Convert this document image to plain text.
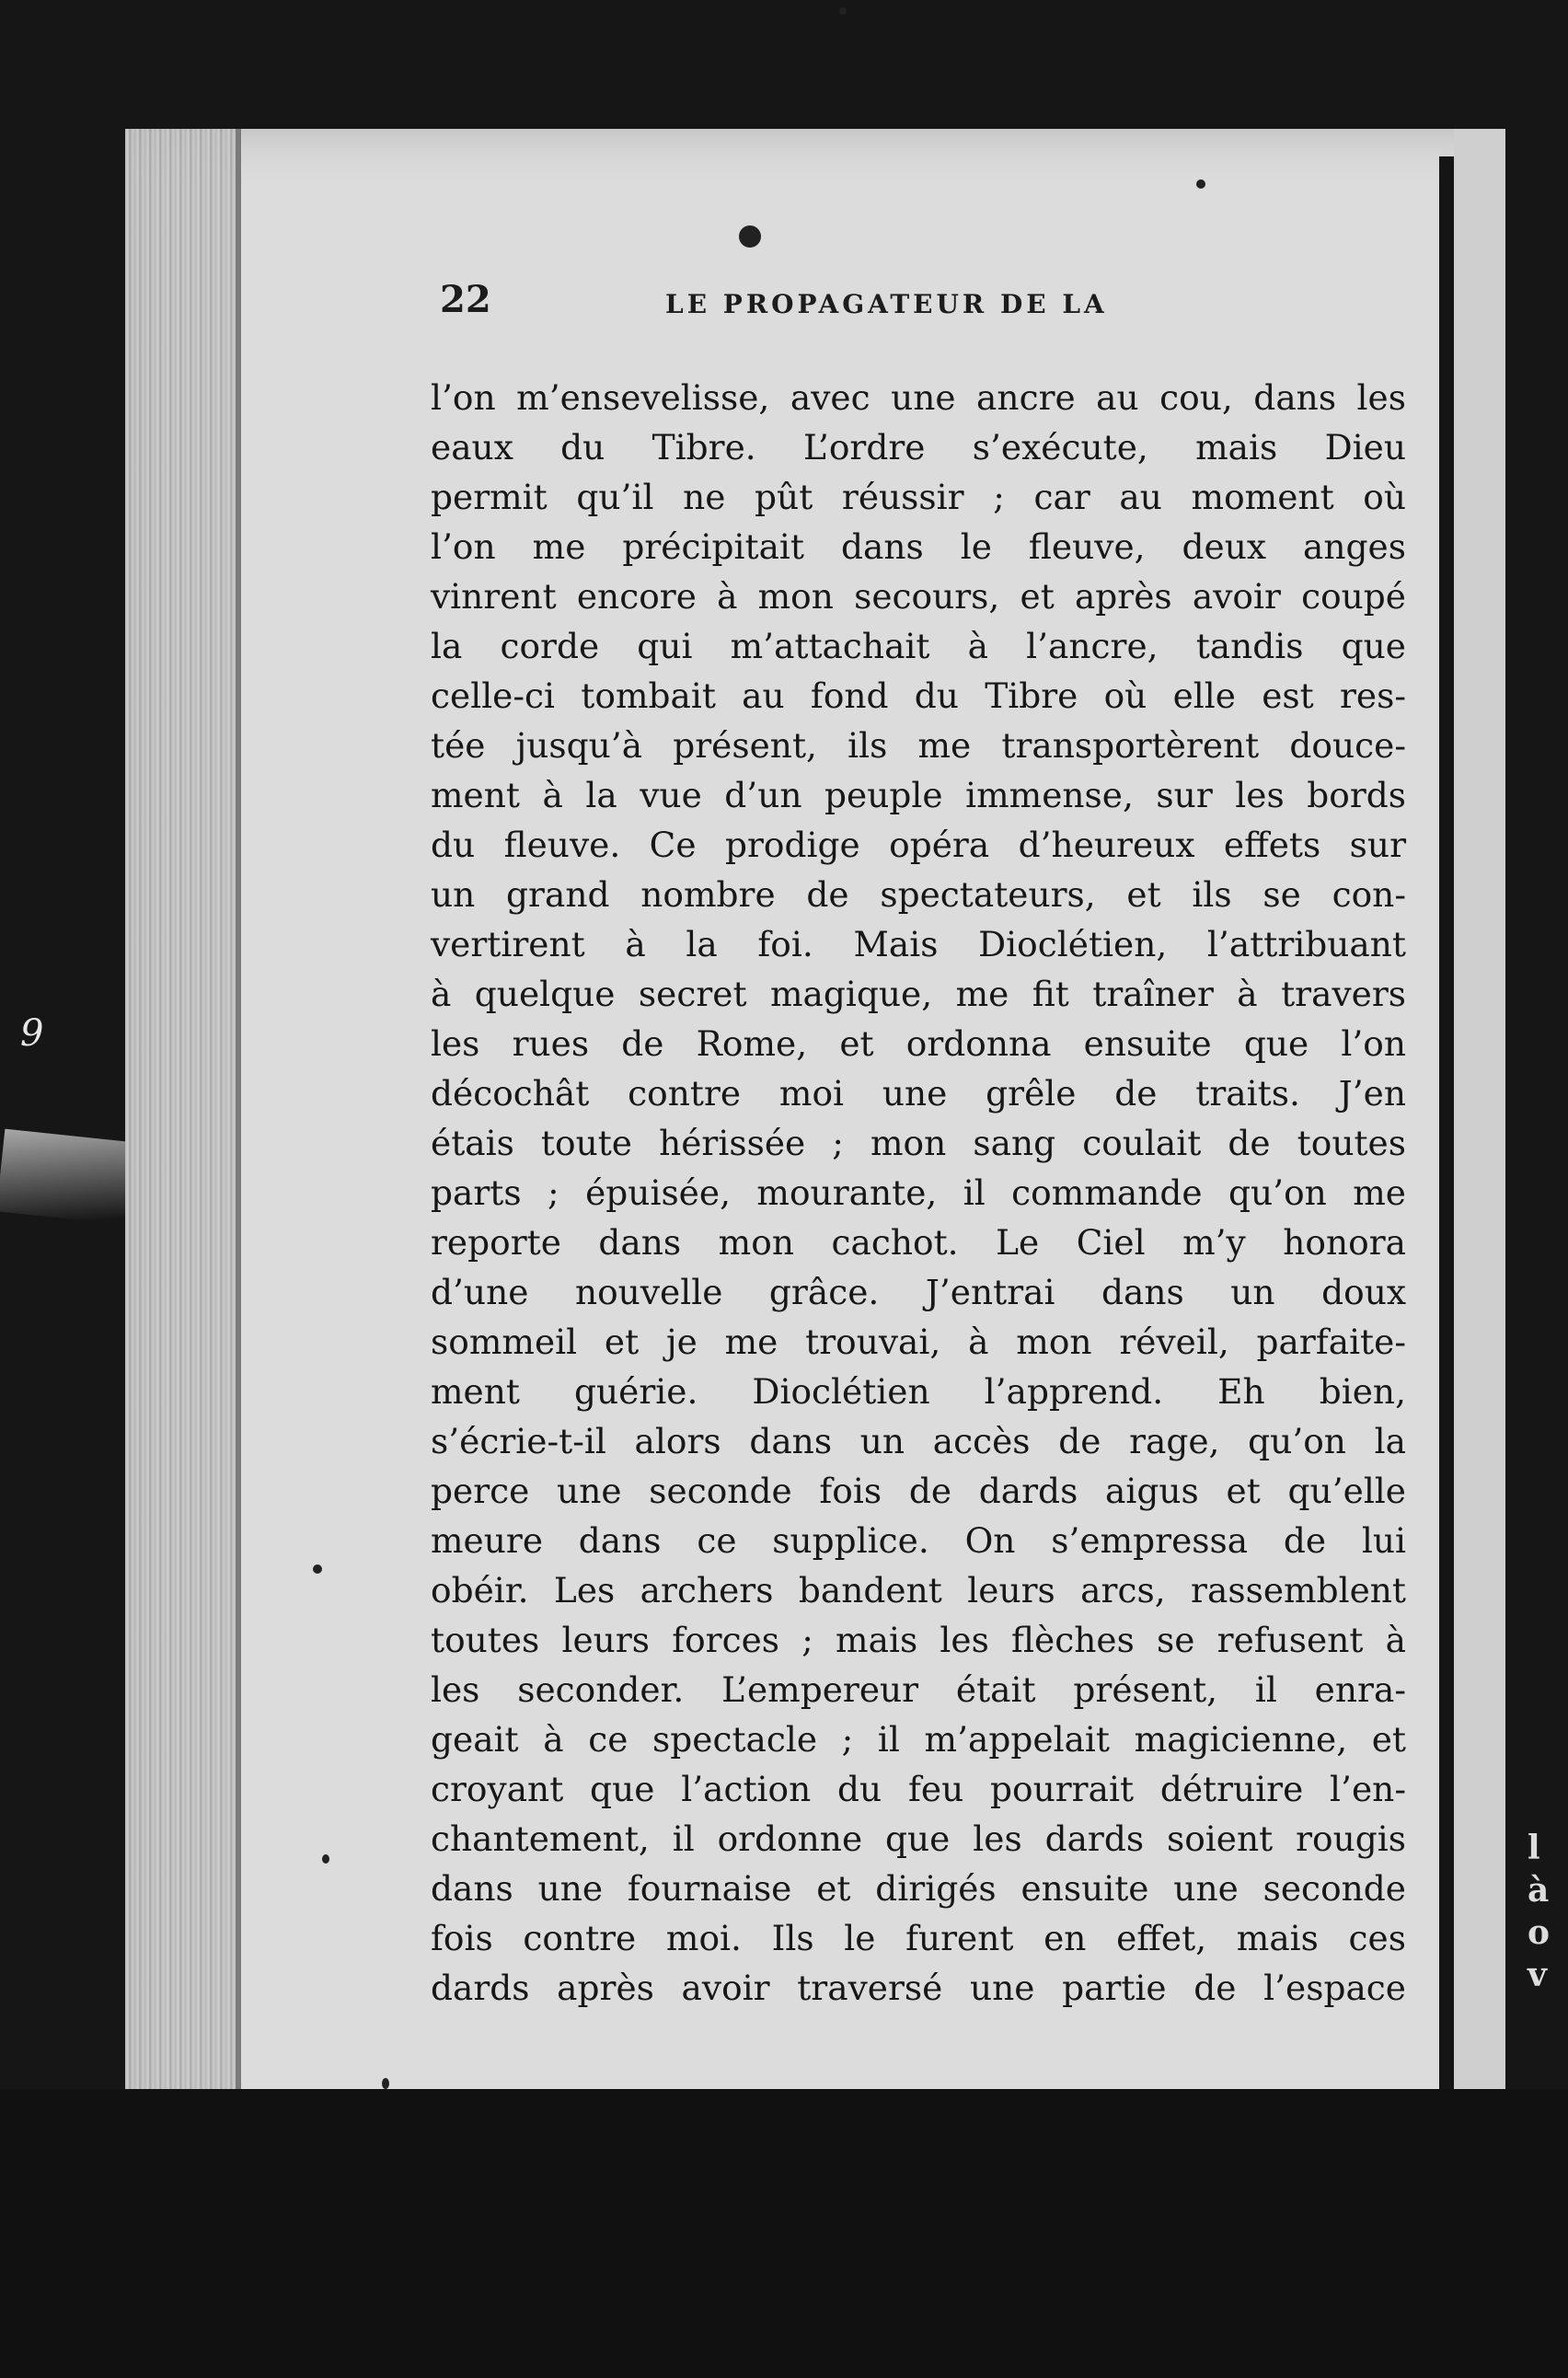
9
22	LE PROPAGATEUR DE LA
l’on m’ensevelisse, avec une ancre au cou, dans les
eaux du Tibre. L’ordre s’exécute, mais Dieu
permit qu’il ne pût réussir ; car au moment où
l’on me précipitait dans le fleuve, deux anges
vinrent encore à mon secours, et après avoir coupé
la corde qui m’attachait à l’ancre, tandis que
celle-ci tombait au fond du Tibre où elle est res-
tée jusqu’à présent, ils me transportèrent douce-
ment à la vue d’un peuple immense, sur les bords
du fleuve. Ce prodige opéra d’heureux effets sur
un grand nombre de spectateurs, et ils se con-
vertirent à la foi. Mais Dioclétien, l’attribuant
à quelque secret magique, me fit traîner à travers
les rues de Rome, et ordonna ensuite que l’on
décochât contre moi une grêle de traits. J’en
étais toute hérissée ; mon sang coulait de toutes
parts ; épuisée, mourante, il commande qu’on me
reporte dans mon cachot. Le Ciel m’y honora
d’une nouvelle grâce. J’entrai dans un doux
sommeil et je me trouvai, à mon réveil, parfaite-
ment guérie. Dioclétien l’apprend. Eh bien,
s’écrie-t-il alors dans un accès de rage, qu’on la
perce une seconde fois de dards aigus et qu’elle
meure dans ce supplice. On s’empressa de lui
obéir. Les archers bandent leurs arcs, rassemblent
toutes leurs forces ; mais les flèches se refusent à
les seconder. L’empereur était présent, il enra-
geait à ce spectacle ; il m’appelait magicienne, et
croyant que l’action du feu pourrait détruire l’en-
chantement, il ordonne que les dards soient rougis
dans une fournaise et dirigés ensuite une seconde
fois contre moi. Ils le furent en effet, mais ces
dards après avoir traversé une partie de l’espace
l
à
o
v
